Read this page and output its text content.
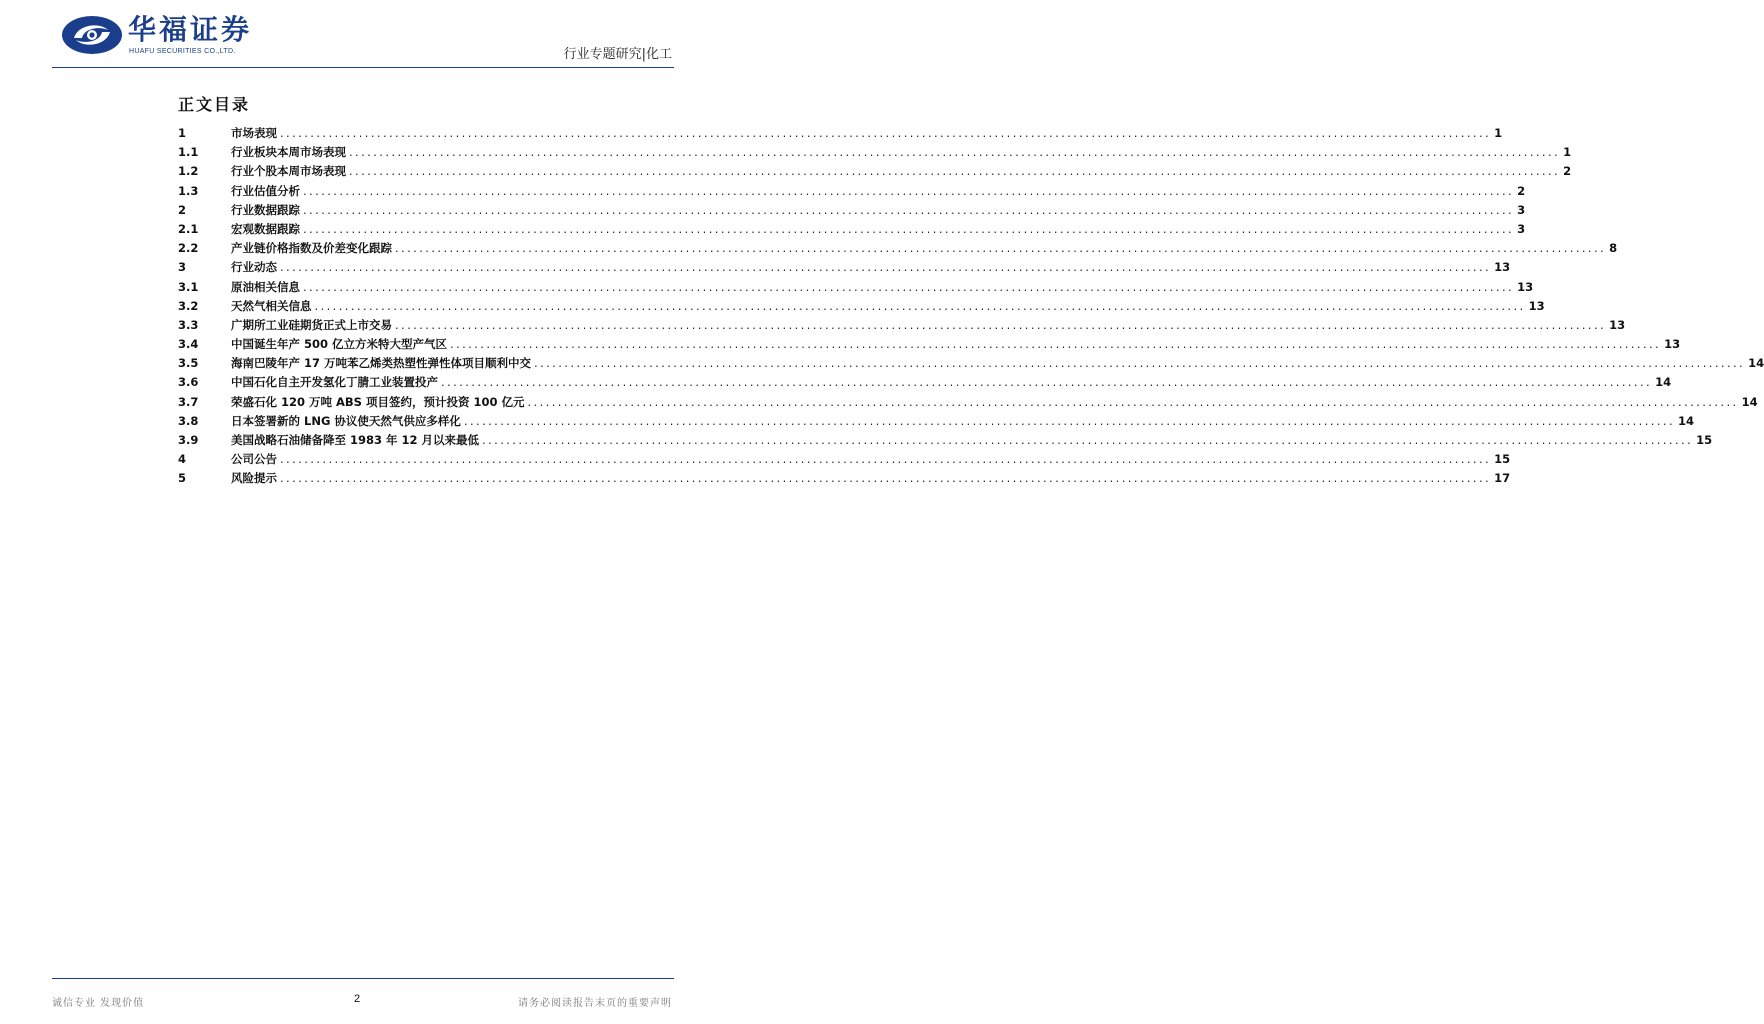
华福证券
HUAFU SECURITIES CO.,LTD.	行业专题研究|化工
正文目录
1	市场表现 ........................................................................................................................................................................................................ 1
1.1	行业板块本周市场表现 ........................................................................................................................................................................................................ 1
1.2	行业个股本周市场表现 ........................................................................................................................................................................................................ 2
1.3	行业估值分析 ........................................................................................................................................................................................................ 2
2	行业数据跟踪 ........................................................................................................................................................................................................ 3
2.1	宏观数据跟踪 ........................................................................................................................................................................................................ 3
2.2	产业链价格指数及价差变化跟踪 ........................................................................................................................................................................................................ 8
3	行业动态 ........................................................................................................................................................................................................ 13
3.1	原油相关信息 ........................................................................................................................................................................................................ 13
3.2	天然气相关信息 ........................................................................................................................................................................................................ 13
3.3	广期所工业硅期货正式上市交易 ........................................................................................................................................................................................................ 13
3.4	中国诞生年产 500 亿立方米特大型产气区 ........................................................................................................................................................................................................ 13
3.5	海南巴陵年产 17 万吨苯乙烯类热塑性弹性体项目顺利中交 ........................................................................................................................................................................................................ 14
3.6	中国石化自主开发氢化丁腈工业装置投产 ........................................................................................................................................................................................................ 14
3.7	荣盛石化 120 万吨 ABS 项目签约，预计投资 100 亿元 ........................................................................................................................................................................................................ 14
3.8	日本签署新的 LNG 协议使天然气供应多样化 ........................................................................................................................................................................................................ 14
3.9	美国战略石油储备降至 1983 年 12 月以来最低 ........................................................................................................................................................................................................ 15
4	公司公告 ........................................................................................................................................................................................................ 15
5	风险提示 ........................................................................................................................................................................................................ 17
诚信专业 发现价值	2	请务必阅读报告末页的重要声明
